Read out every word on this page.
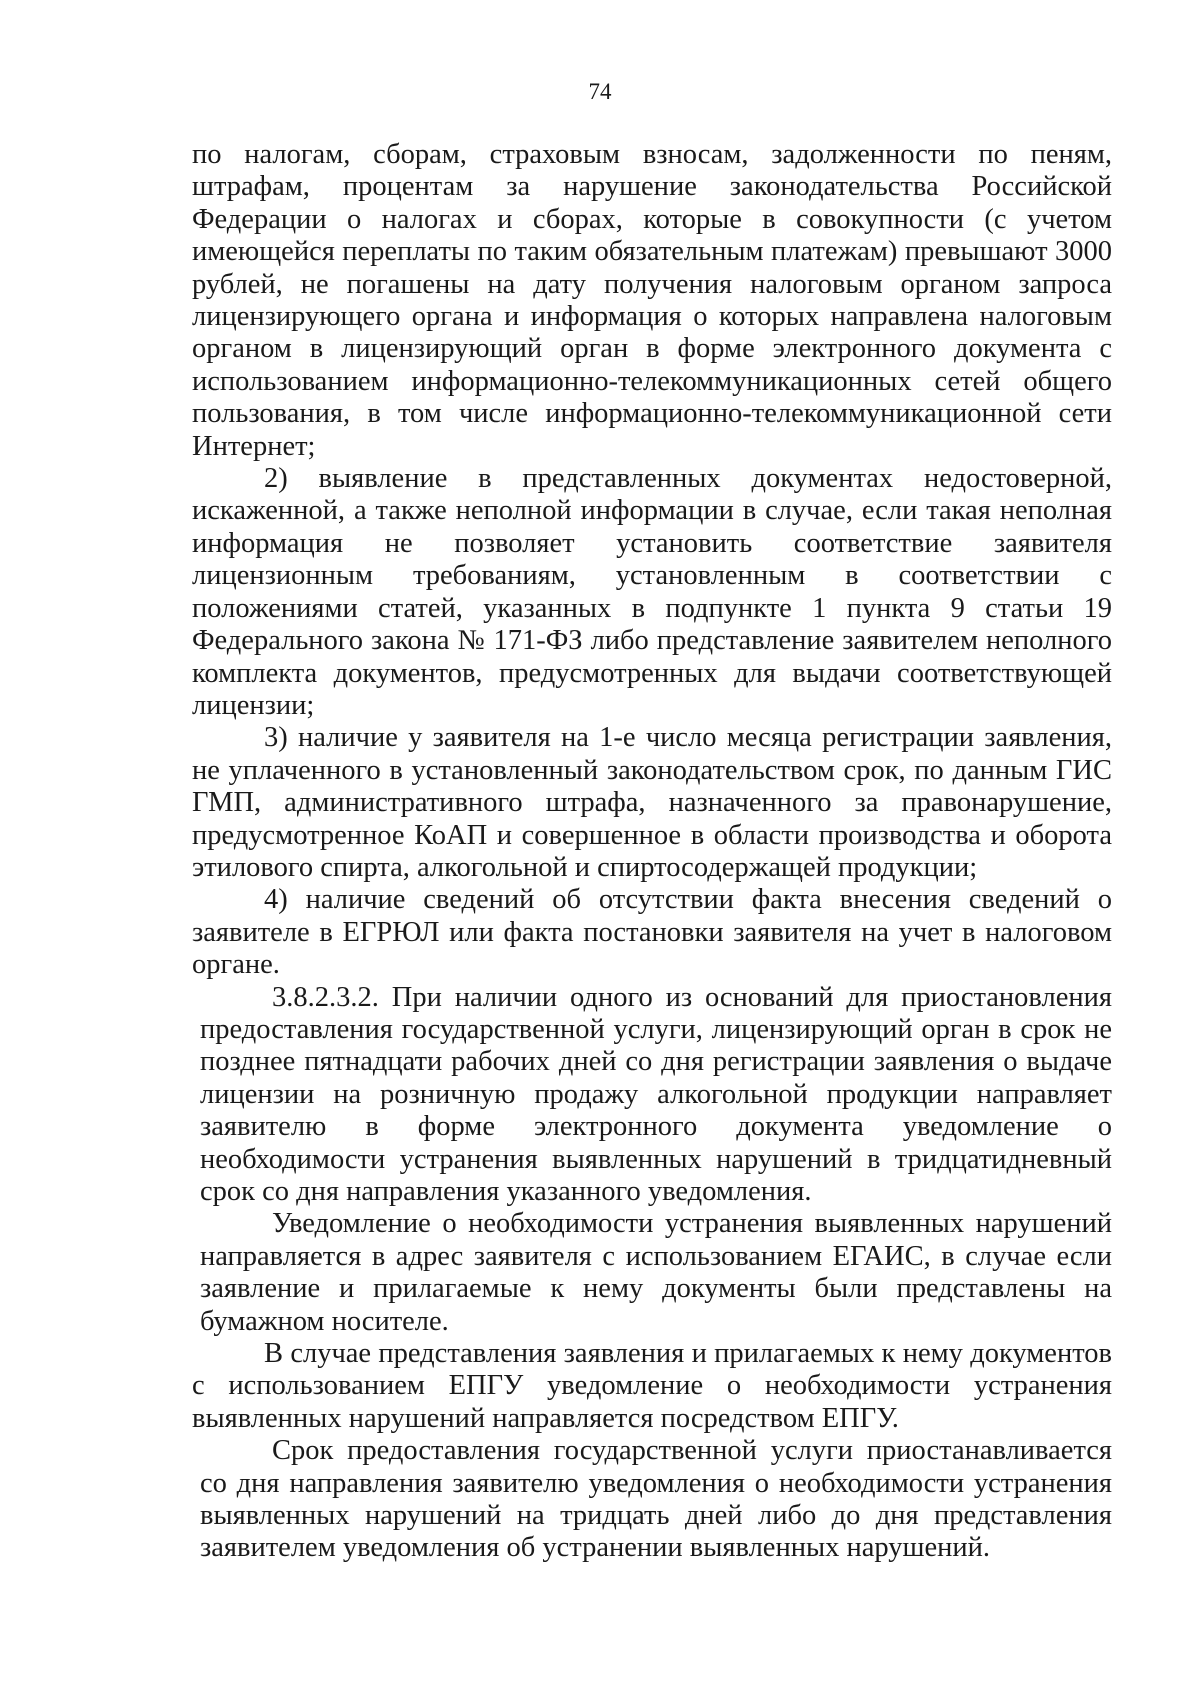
74

по налогам, сборам, страховым взносам, задолженности по пеням, штрафам, процентам за нарушение законодательства Российской Федерации о налогах и сборах, которые в совокупности (с учетом имеющейся переплаты по таким обязательным платежам) превышают 3000 рублей, не погашены на дату получения налоговым органом запроса лицензирующего органа и информация о которых направлена налоговым органом в лицензирующий орган в форме электронного документа с использованием информационно-телекоммуникационных сетей общего пользования, в том числе информационно-телекоммуникационной сети Интернет;

2) выявление в представленных документах недостоверной, искаженной, а также неполной информации в случае, если такая неполная информация не позволяет установить соответствие заявителя лицензионным требованиям, установленным в соответствии с положениями статей, указанных в подпункте 1 пункта 9 статьи 19 Федерального закона № 171-ФЗ либо представление заявителем неполного комплекта документов, предусмотренных для выдачи соответствующей лицензии;

3) наличие у заявителя на 1-е число месяца регистрации заявления, не уплаченного в установленный законодательством срок, по данным ГИС ГМП, административного штрафа, назначенного за правонарушение, предусмотренное КоАП и совершенное в области производства и оборота этилового спирта, алкогольной и спиртосодержащей продукции;

4) наличие сведений об отсутствии факта внесения сведений о заявителе в ЕГРЮЛ или факта постановки заявителя на учет в налоговом органе.

3.8.2.3.2. При наличии одного из оснований для приостановления предоставления государственной услуги, лицензирующий орган в срок не позднее пятнадцати рабочих дней со дня регистрации заявления о выдаче лицензии на розничную продажу алкогольной продукции направляет заявителю в форме электронного документа уведомление о необходимости устранения выявленных нарушений в тридцатидневный срок со дня направления указанного уведомления.

Уведомление о необходимости устранения выявленных нарушений направляется в адрес заявителя с использованием ЕГАИС, в случае если заявление и прилагаемые к нему документы были представлены на бумажном носителе.

В случае представления заявления и прилагаемых к нему документов с использованием ЕПГУ уведомление о необходимости устранения выявленных нарушений направляется посредством ЕПГУ.

Срок предоставления государственной услуги приостанавливается со дня направления заявителю уведомления о необходимости устранения выявленных нарушений на тридцать дней либо до дня представления заявителем уведомления об устранении выявленных нарушений.
